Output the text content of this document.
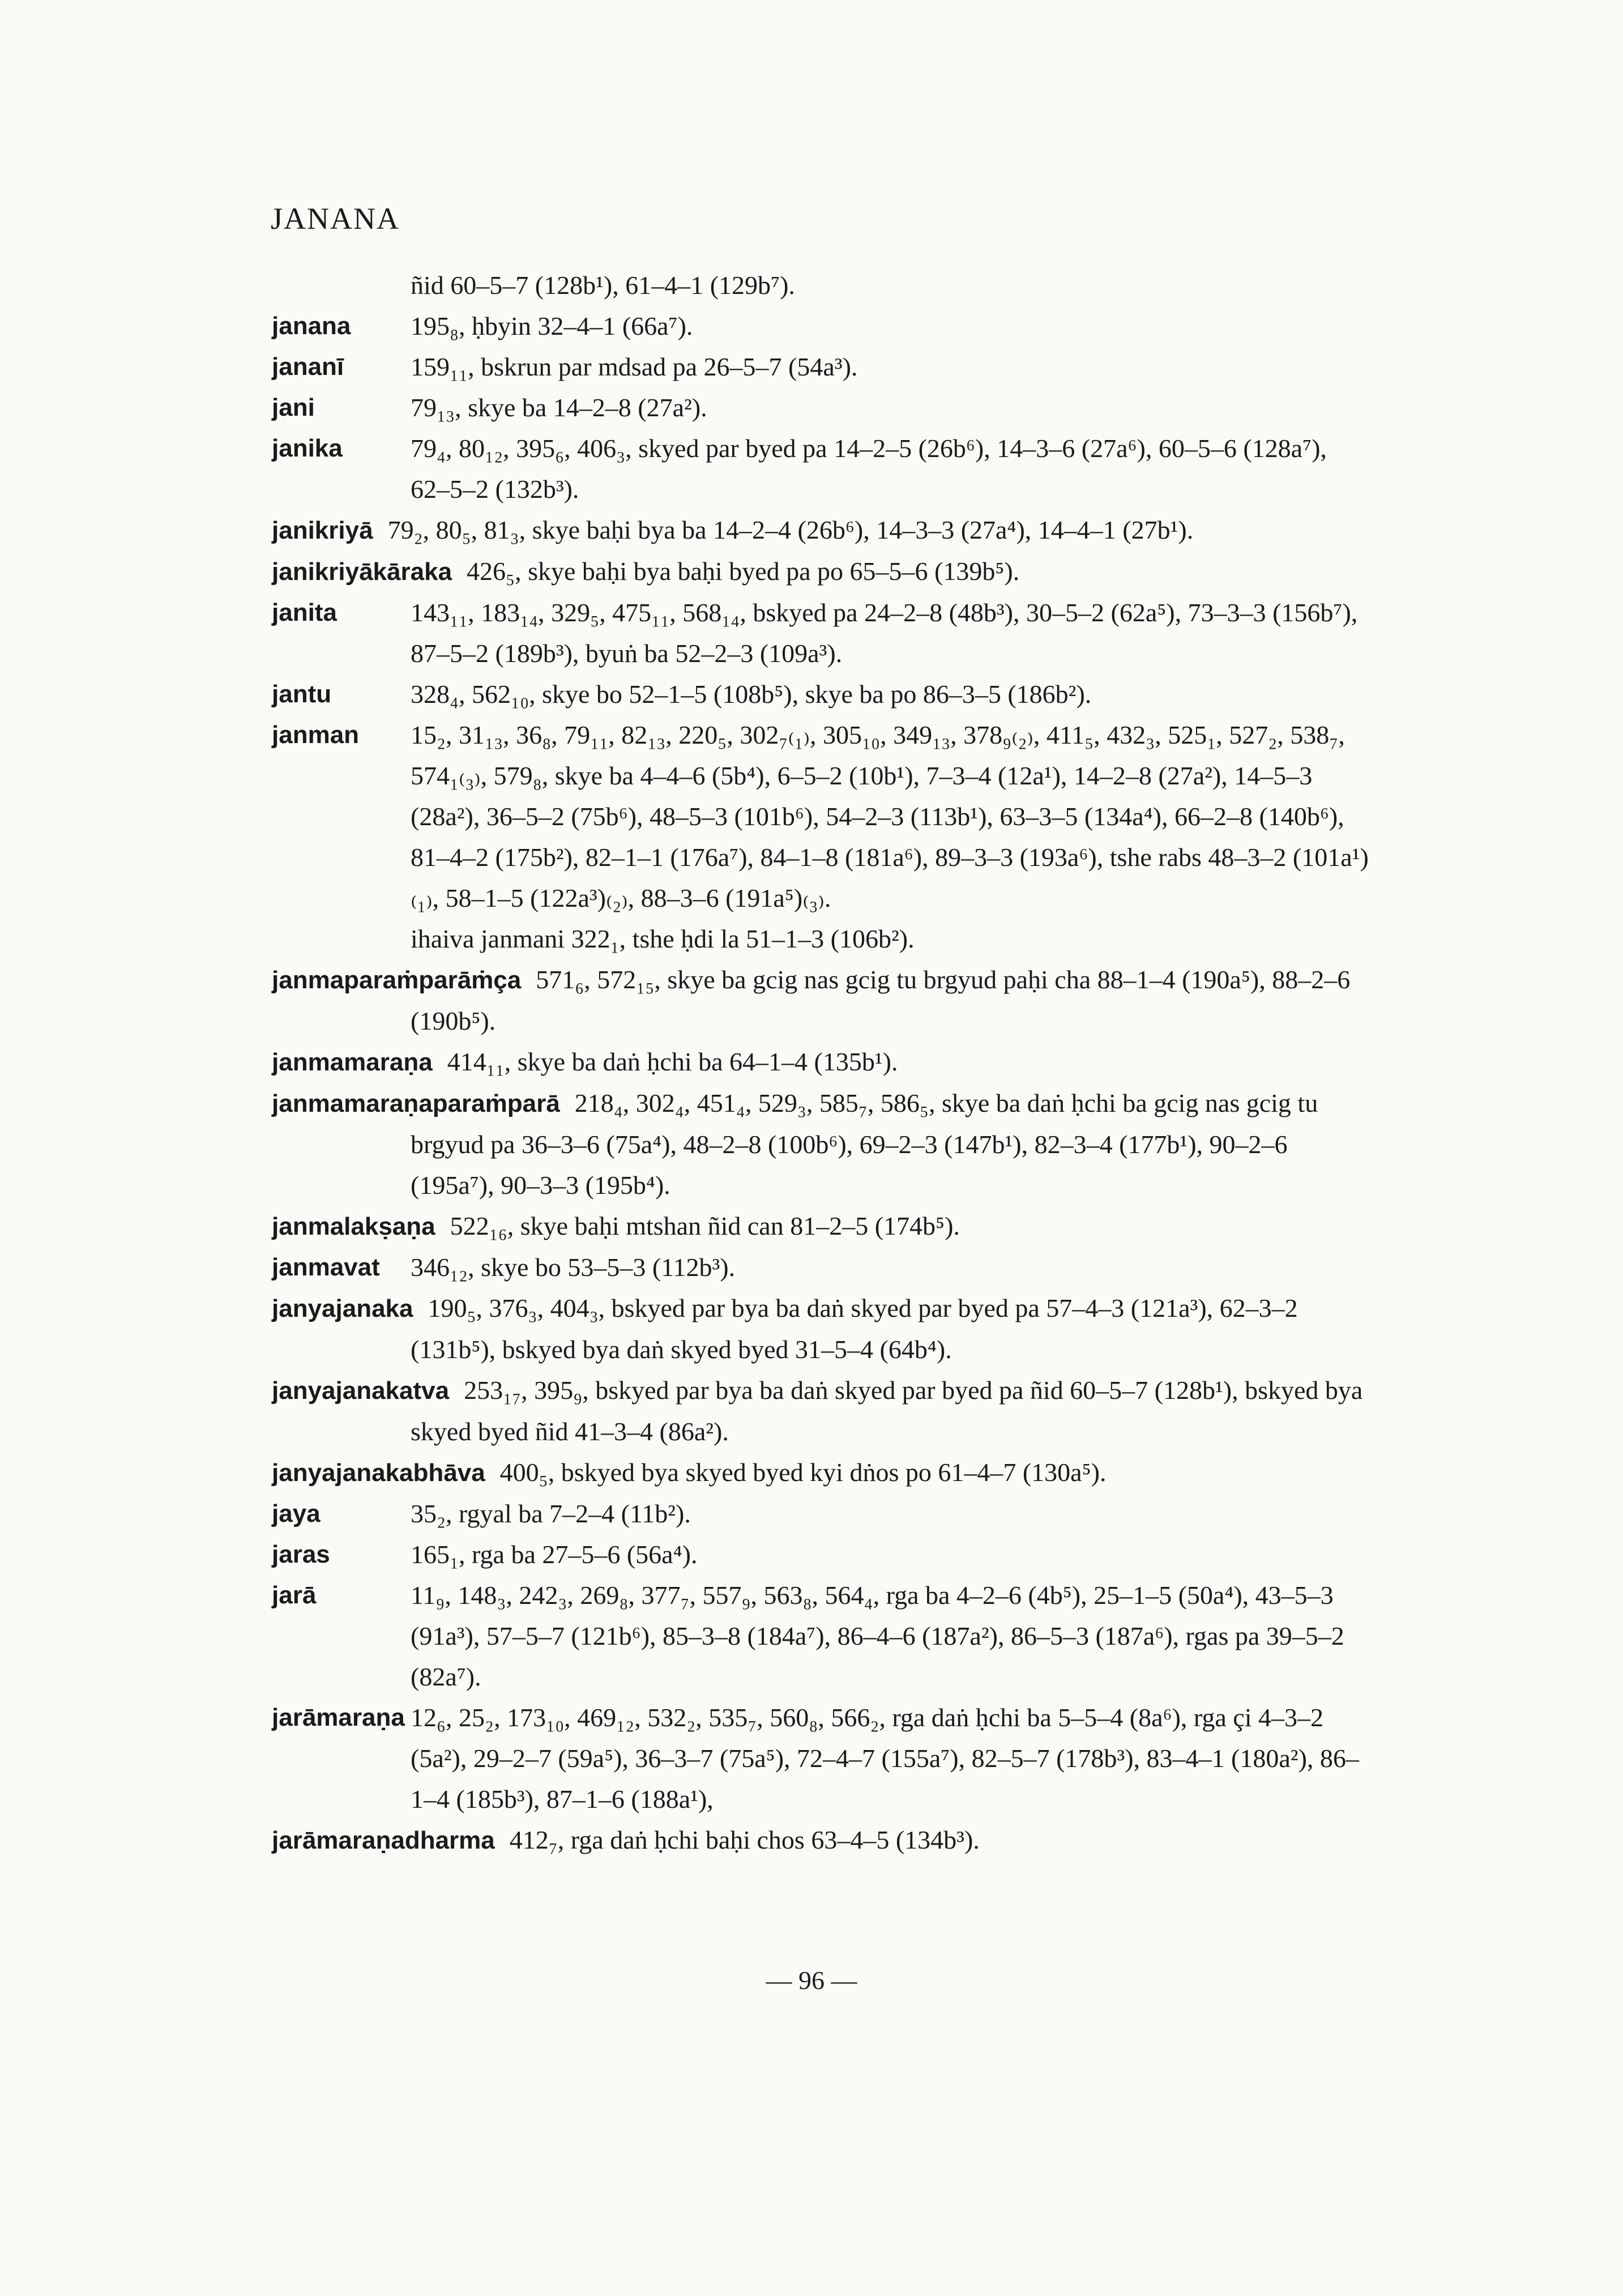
JANANA
ñid 60–5–7 (128b¹), 61–4–1 (129b⁷).
janana 195₈, ḥbyin 32–4–1 (66a⁷).
jananī	159₁₁, bskrun par mdsad pa 26–5–7 (54a³).
jani	79₁₃, skye ba 14–2–8 (27a²).
janika	79₄, 80₁₂, 395₆, 406₃, skyed par byed pa 14–2–5 (26b⁶), 14–3–6 (27a⁶), 60–5–6 (128a⁷), 62–5–2 (132b³).
janikriyā 79₂, 80₅, 81₃, skye baḥi bya ba 14–2–4 (26b⁶), 14–3–3 (27a⁴), 14–4–1 (27b¹).
janikriyākāraka 426₅, skye baḥi bya baḥi byed pa po 65–5–6 (139b⁵).
janita	143₁₁, 183₁₄, 329₅, 475₁₁, 568₁₄, bskyed pa 24–2–8 (48b³), 30–5–2 (62a⁵), 73–3–3 (156b⁷), 87–5–2 (189b³), byuṅ ba 52–2–3 (109a³).
jantu	328₄, 562₁₀, skye bo 52–1–5 (108b⁵), skye ba po 86–3–5 (186b²).
janman 15₂, 31₁₃, 36₈, 79₁₁, 82₁₃, 220₅, 302₇₍₁₎, 305₁₀, 349₁₃, 378₉₍₂₎, 411₅, 432₃, 525₁, 527₂, 538₇, 574₁₍₃₎, 579₈, skye ba 4–4–6 (5b⁴), 6–5–2 (10b¹), 7–3–4 (12a¹), 14–2–8 (27a²), 14–5–3 (28a²), 36–5–2 (75b⁶), 48–5–3 (101b⁶), 54–2–3 (113b¹), 63–3–5 (134a⁴), 66–2–8 (140b⁶), 81–4–2 (175b²), 82–1–1 (176a⁷), 84–1–8 (181a⁶), 89–3–3 (193a⁶), tshe rabs 48–3–2 (101a¹)₍₁₎, 58–1–5 (122a³)₍₂₎, 88–3–6 (191a⁵)₍₃₎.
ihaiva janmani 322₁, tshe ḥdi la 51–1–3 (106b²).
janmaparaṁparāṁça 571₆, 572₁₅, skye ba gcig nas gcig tu brgyud paḥi cha 88–1–4 (190a⁵), 88–2–6 (190b⁵).
janmamaraṇa 414₁₁, skye ba daṅ ḥchi ba 64–1–4 (135b¹).
janmamaraṇaparaṁparā 218₄, 302₄, 451₄, 529₃, 585₇, 586₅, skye ba daṅ ḥchi ba gcig nas gcig tu brgyud pa 36–3–6 (75a⁴), 48–2–8 (100b⁶), 69–2–3 (147b¹), 82–3–4 (177b¹), 90–2–6 (195a⁷), 90–3–3 (195b⁴).
janmalakṣaṇa 522₁₆, skye baḥi mtshan ñid can 81–2–5 (174b⁵).
janmavat 346₁₂, skye bo 53–5–3 (112b³).
janyajanaka 190₅, 376₃, 404₃, bskyed par bya ba daṅ skyed par byed pa 57–4–3 (121a³), 62–3–2 (131b⁵), bskyed bya daṅ skyed byed 31–5–4 (64b⁴).
janyajanakatva 253₁₇, 395₉, bskyed par bya ba daṅ skyed par byed pa ñid 60–5–7 (128b¹), bskyed bya skyed byed ñid 41–3–4 (86a²).
janyajanakabhāva 400₅, bskyed bya skyed byed kyi dṅos po 61–4–7 (130a⁵).
jaya	35₂, rgyal ba 7–2–4 (11b²).
jaras	165₁, rga ba 27–5–6 (56a⁴).
jarā	11₉, 148₃, 242₃, 269₈, 377₇, 557₉, 563₈, 564₄, rga ba 4–2–6 (4b⁵), 25–1–5 (50a⁴), 43–5–3 (91a³), 57–5–7 (121b⁶), 85–3–8 (184a⁷), 86–4–6 (187a²), 86–5–3 (187a⁶), rgas pa 39–5–2 (82a⁷).
jarāmaraṇa 12₆, 25₂, 173₁₀, 469₁₂, 532₂, 535₇, 560₈, 566₂, rga daṅ ḥchi ba 5–5–4 (8a⁶), rga çi 4–3–2 (5a²), 29–2–7 (59a⁵), 36–3–7 (75a⁵), 72–4–7 (155a⁷), 82–5–7 (178b³), 83–4–1 (180a²), 86–1–4 (185b³), 87–1–6 (188a¹),
jarāmaraṇadharma 412₇, rga daṅ ḥchi baḥi chos 63–4–5 (134b³).
— 96 —
